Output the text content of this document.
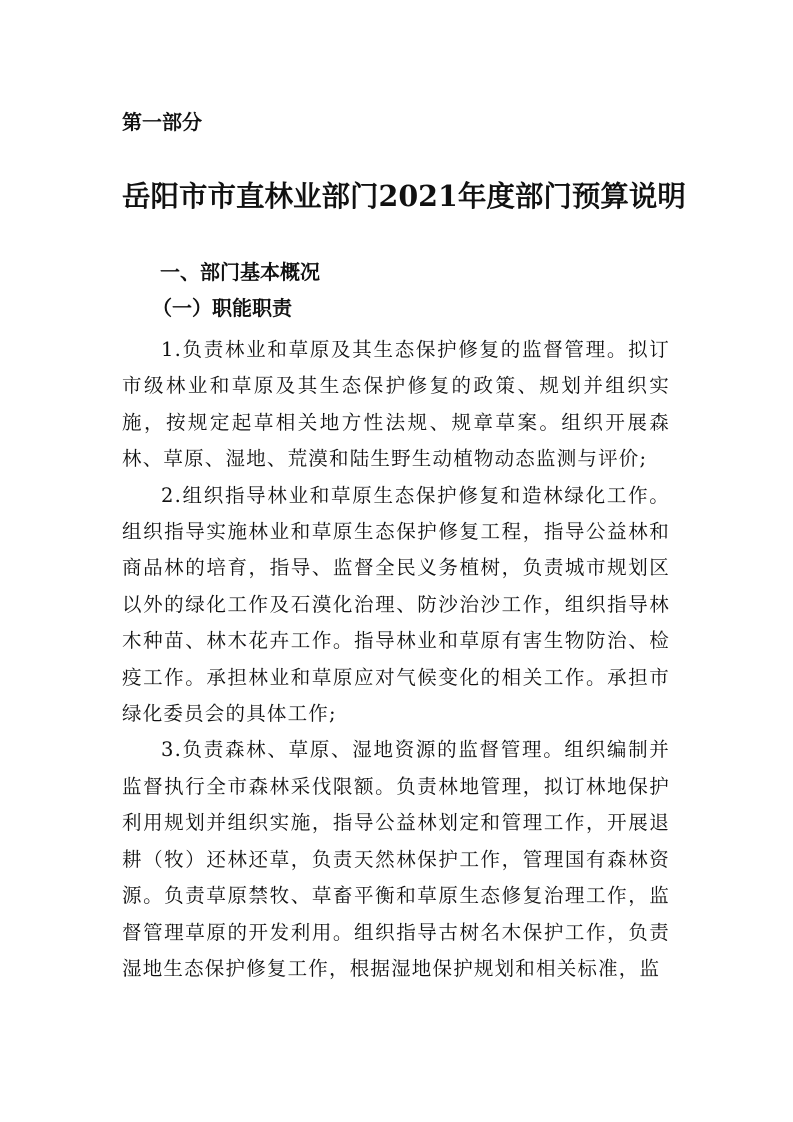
第一部分
岳阳市市直林业部门2021年度部门预算说明
一、部门基本概况
（一）职能职责

1.负责林业和草原及其生态保护修复的监督管理。拟订市级林业和草原及其生态保护修复的政策、规划并组织实施，按规定起草相关地方性法规、规章草案。组织开展森林、草原、湿地、荒漠和陆生野生动植物动态监测与评价;

2.组织指导林业和草原生态保护修复和造林绿化工作。组织指导实施林业和草原生态保护修复工程，指导公益林和商品林的培育，指导、监督全民义务植树，负责城市规划区以外的绿化工作及石漠化治理、防沙治沙工作，组织指导林木种苗、林木花卉工作。指导林业和草原有害生物防治、检疫工作。承担林业和草原应对气候变化的相关工作。承担市绿化委员会的具体工作;

3.负责森林、草原、湿地资源的监督管理。组织编制并监督执行全市森林采伐限额。负责林地管理，拟订林地保护利用规划并组织实施，指导公益林划定和管理工作，开展退耕（牧）还林还草，负责天然林保护工作，管理国有森林资源。负责草原禁牧、草畜平衡和草原生态修复治理工作，监督管理草原的开发利用。组织指导古树名木保护工作，负责湿地生态保护修复工作，根据湿地保护规划和相关标准，监
